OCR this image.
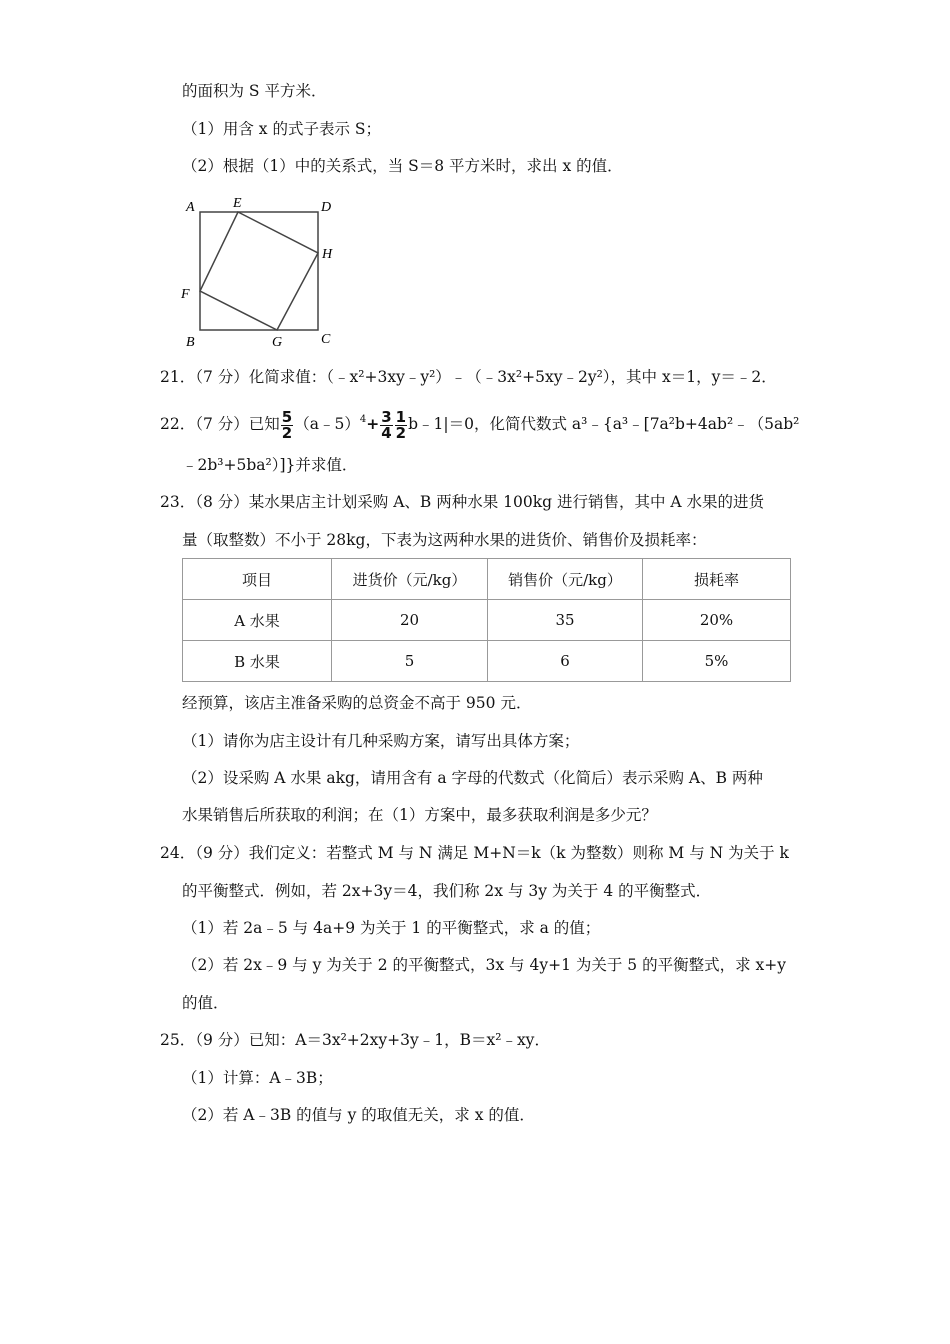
的面积为 S 平方米．
（1）用含 x 的式子表示 S；
（2）根据（1）中的关系式，当 S＝8 平方米时，求出 x 的值．
A	E	D
H
F
B	G	C
21．（7 分）化简求值：（﹣x²+3xy﹣y²）﹣（﹣3x²+5xy﹣2y²），其中 x＝1，y＝﹣2．
22．（7 分）已知 $\frac{5}{2}$ （a﹣5）$^4$+ $\frac{3}{4} \frac{1}{2}$ b﹣1|＝0，化简代数式 a³﹣{a³﹣[7a²b+4ab²﹣（5ab²
﹣2b³+5ba²）]}并求值．
23．（8 分）某水果店主计划采购 A、B 两种水果 100kg 进行销售，其中 A 水果的进货
量（取整数）不小于 28kg，下表为这两种水果的进货价、销售价及损耗率：
项目	进货价（元/kg）	销售价（元/kg）	损耗率
A 水果	20	35	20%
B 水果	5	6	5%
经预算，该店主准备采购的总资金不高于 950 元．
（1）请你为店主设计有几种采购方案，请写出具体方案；
（2）设采购 A 水果 akg，请用含有 a 字母的代数式（化简后）表示采购 A、B 两种
水果销售后所获取的利润；在（1）方案中，最多获取利润是多少元？
24．（9 分）我们定义：若整式 M 与 N 满足 M+N＝k（k 为整数）则称 M 与 N 为关于 k
的平衡整式．例如，若 2x+3y＝4，我们称 2x 与 3y 为关于 4 的平衡整式．
（1）若 2a﹣5 与 4a+9 为关于 1 的平衡整式，求 a 的值；
（2）若 2x﹣9 与 y 为关于 2 的平衡整式，3x 与 4y+1 为关于 5 的平衡整式，求 x+y
的值．
25．（9 分）已知：A＝3x²+2xy+3y﹣1，B＝x²﹣xy．
（1）计算：A﹣3B；
（2）若 A﹣3B 的值与 y 的取值无关，求 x 的值．
